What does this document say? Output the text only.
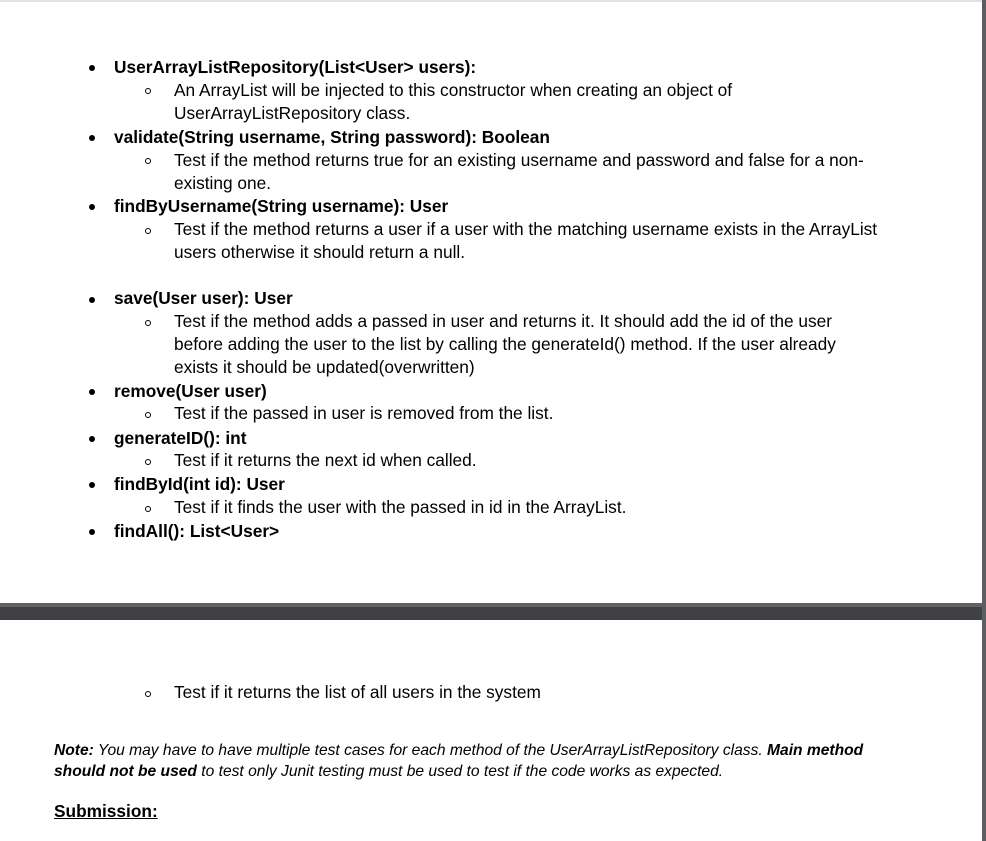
UserArrayListRepository(List<User> users):
An ArrayList will be injected to this constructor when creating an object of
UserArrayListRepository class.
validate(String username, String password): Boolean
Test if the method returns true for an existing username and password and false for a non-
existing one.
findByUsername(String username): User
Test if the method returns a user if a user with the matching username exists in the ArrayList
users otherwise it should return a null.
save(User user): User
Test if the method adds a passed in user and returns it. It should add the id of the user
before adding the user to the list by calling the generateId() method. If the user already
exists it should be updated(overwritten)
remove(User user)
Test if the passed in user is removed from the list.
generateID(): int
Test if it returns the next id when called.
findById(int id): User
Test if it finds the user with the passed in id in the ArrayList.
findAll(): List<User>
Test if it returns the list of all users in the system
Note: You may have to have multiple test cases for each method of the UserArrayListRepository class. Main method
should not be used to test only Junit testing must be used to test if the code works as expected.
Submission:
